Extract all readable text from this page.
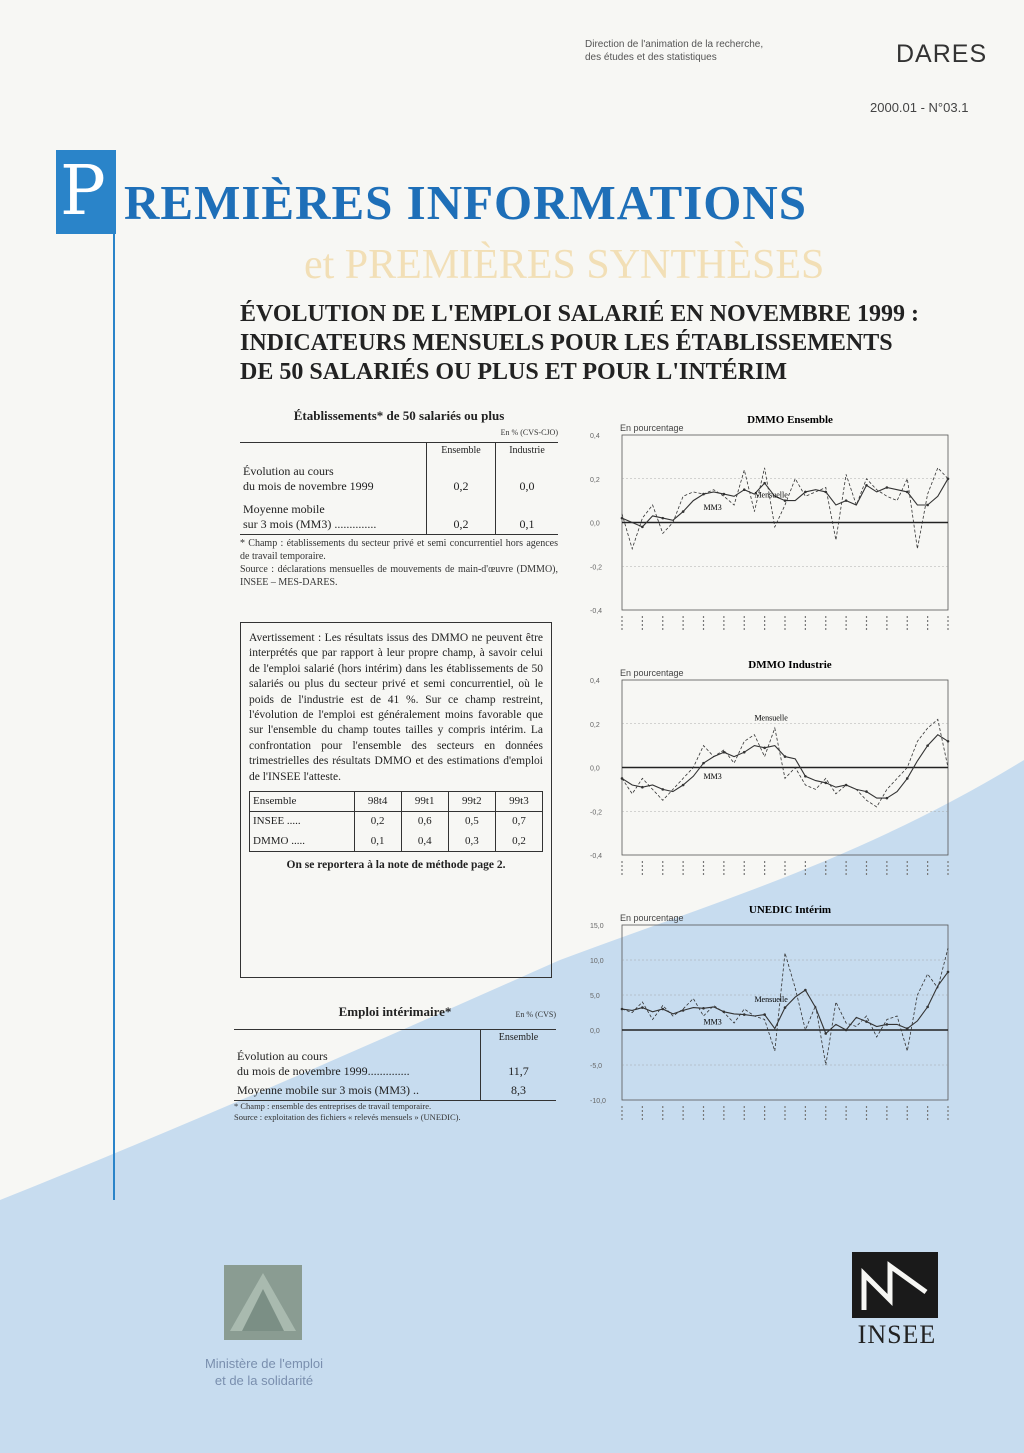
Direction de l'animation de la recherche,
des études et des statistiques	DARES
2000.01 - N°03.1
P REMIÈRES INFORMATIONS
et PREMIÈRES SYNTHÈSES
ÉVOLUTION DE L'EMPLOI SALARIÉ EN NOVEMBRE 1999 :
INDICATEURS MENSUELS POUR LES ÉTABLISSEMENTS
DE 50 SALARIÉS OU PLUS ET POUR L'INTÉRIM
Établissements* de 50 salariés ou plus
En % (CVS-CJO)
	Ensemble	Industrie

Évolution au cours
du mois de novembre 1999	0,2	0,0

Moyenne mobile
sur 3 mois (MM3) ..............	0,2	0,1
* Champ : établissements du secteur privé et semi concurrentiel hors agences de travail temporaire.
Source : déclarations mensuelles de mouvements de main-d'œuvre (DMMO), INSEE – MES-DARES.
Avertissement : Les résultats issus des DMMO ne peuvent être interprétés que par rapport à leur propre champ, à savoir celui de l'emploi salarié (hors intérim) dans les établissements de 50 salariés ou plus du secteur privé et semi concurrentiel, où le poids de l'industrie est de 41 %. Sur ce champ restreint, l'évolution de l'emploi est généralement moins favorable que sur l'ensemble du champ toutes tailles y compris intérim. La confrontation pour l'ensemble des secteurs en données trimestrielles des résultats DMMO et des estimations d'emploi de l'INSEE l'atteste.
Ensemble	98t4	99t1	99t2	99t3
INSEE .....	0,2	0,6	0,5	0,7
DMMO .....	0,1	0,4	0,3	0,2
On se reportera à la note de méthode page 2.
Emploi intérimaire*	En % (CVS)
	Ensemble

Évolution au cours
du mois de novembre 1999..............	11,7
Moyenne mobile sur 3 mois (MM3) ..	8,3
* Champ : ensemble des entreprises de travail temporaire.
Source : exploitation des fichiers « relevés mensuels » (UNEDIC).
DMMO Ensemble
En pourcentage
0,4
0,2
0,0
-0,2
-0,4
Mensuelle
MM3
DMMO Industrie
En pourcentage
0,4
0,2
0,0
-0,2
-0,4
Mensuelle
MM3
UNEDIC Intérim
En pourcentage
15,0
10,0
5,0
0,0
-5,0
-10,0
Mensuelle
MM3
Ministère de l'emploi
et de la solidarité
INSEE
